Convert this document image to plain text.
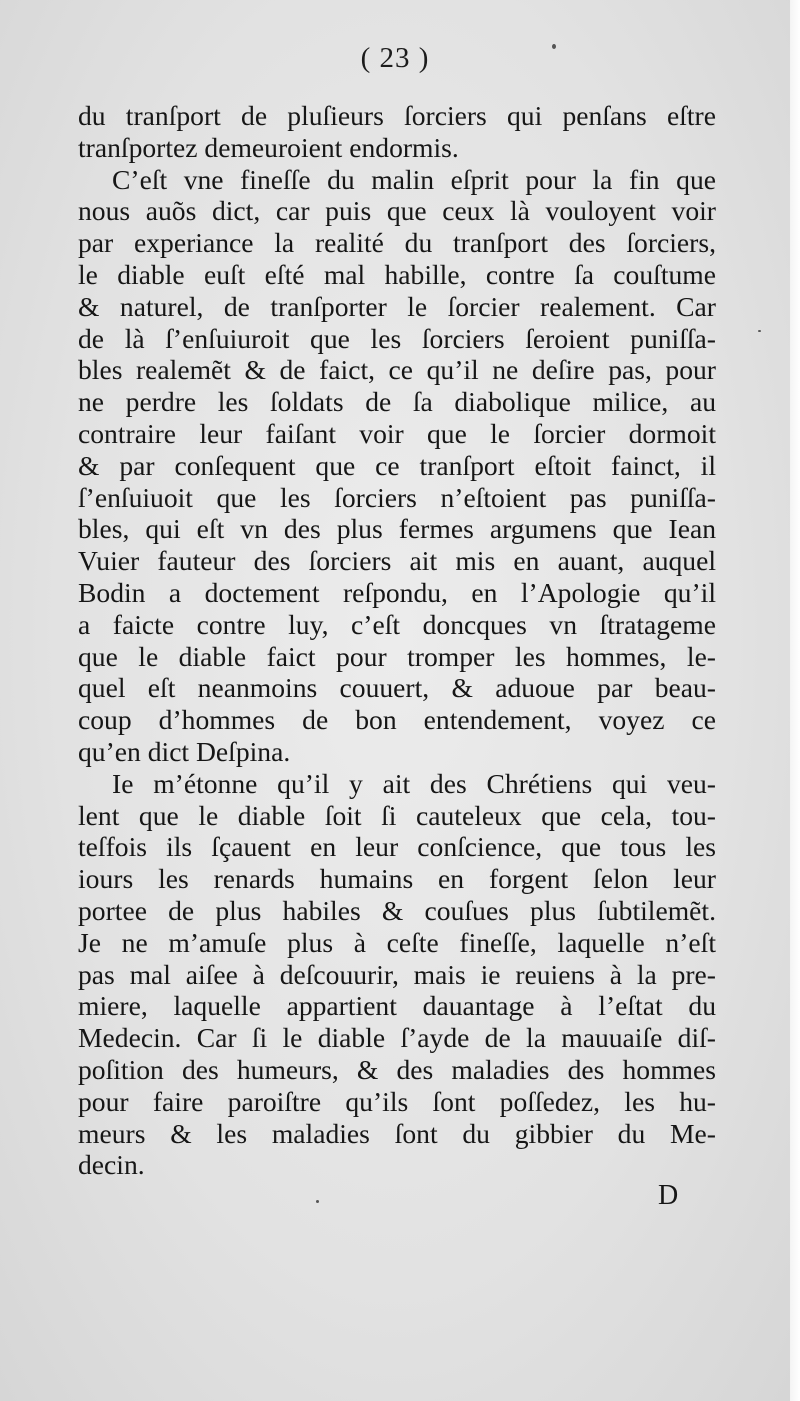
( 23 )
du tranſport de pluſieurs ſorciers qui penſans eſtre
tranſportez demeuroient endormis.
C’eſt vne fineſſe du malin eſprit pour la fin que
nous auõs dict, car puis que ceux là vouloyent voir
par experiance la realité du tranſport des ſorciers,
le diable euſt eſté mal habille, contre ſa couſtume
& naturel, de tranſporter le ſorcier realement. Car
de là ſ’enſuiuroit que les ſorciers ſeroient puniſſa-
bles realemẽt & de faict, ce qu’il ne deſire pas, pour
ne perdre les ſoldats de ſa diabolique milice, au
contraire leur faiſant voir que le ſorcier dormoit
& par conſequent que ce tranſport eſtoit fainct, il
ſ’enſuiuoit que les ſorciers n’eſtoient pas puniſſa-
bles, qui eſt vn des plus fermes argumens que Iean
Vuier fauteur des ſorciers ait mis en auant, auquel
Bodin a doctement reſpondu, en l’Apologie qu’il
a faicte contre luy, c’eſt doncques vn ſtratageme
que le diable faict pour tromper les hommes, le-
quel eſt neanmoins couuert, & aduoue par beau-
coup d’hommes de bon entendement, voyez ce
qu’en dict Deſpina.
Ie m’étonne qu’il y ait des Chrétiens qui veu-
lent que le diable ſoit ſi cauteleux que cela, tou-
teſfois ils ſçauent en leur conſcience, que tous les
iours les renards humains en forgent ſelon leur
portee de plus habiles & couſues plus ſubtilemẽt.
Je ne m’amuſe plus à ceſte fineſſe, laquelle n’eſt
pas mal aiſee à deſcouurir, mais ie reuiens à la pre-
miere, laquelle appartient dauantage à l’eſtat du
Medecin. Car ſi le diable ſ’ayde de la mauuaiſe diſ-
poſition des humeurs, & des maladies des hommes
pour faire paroiſtre qu’ils ſont poſſedez, les hu-
meurs & les maladies ſont du gibbier du Me-
decin.
D
